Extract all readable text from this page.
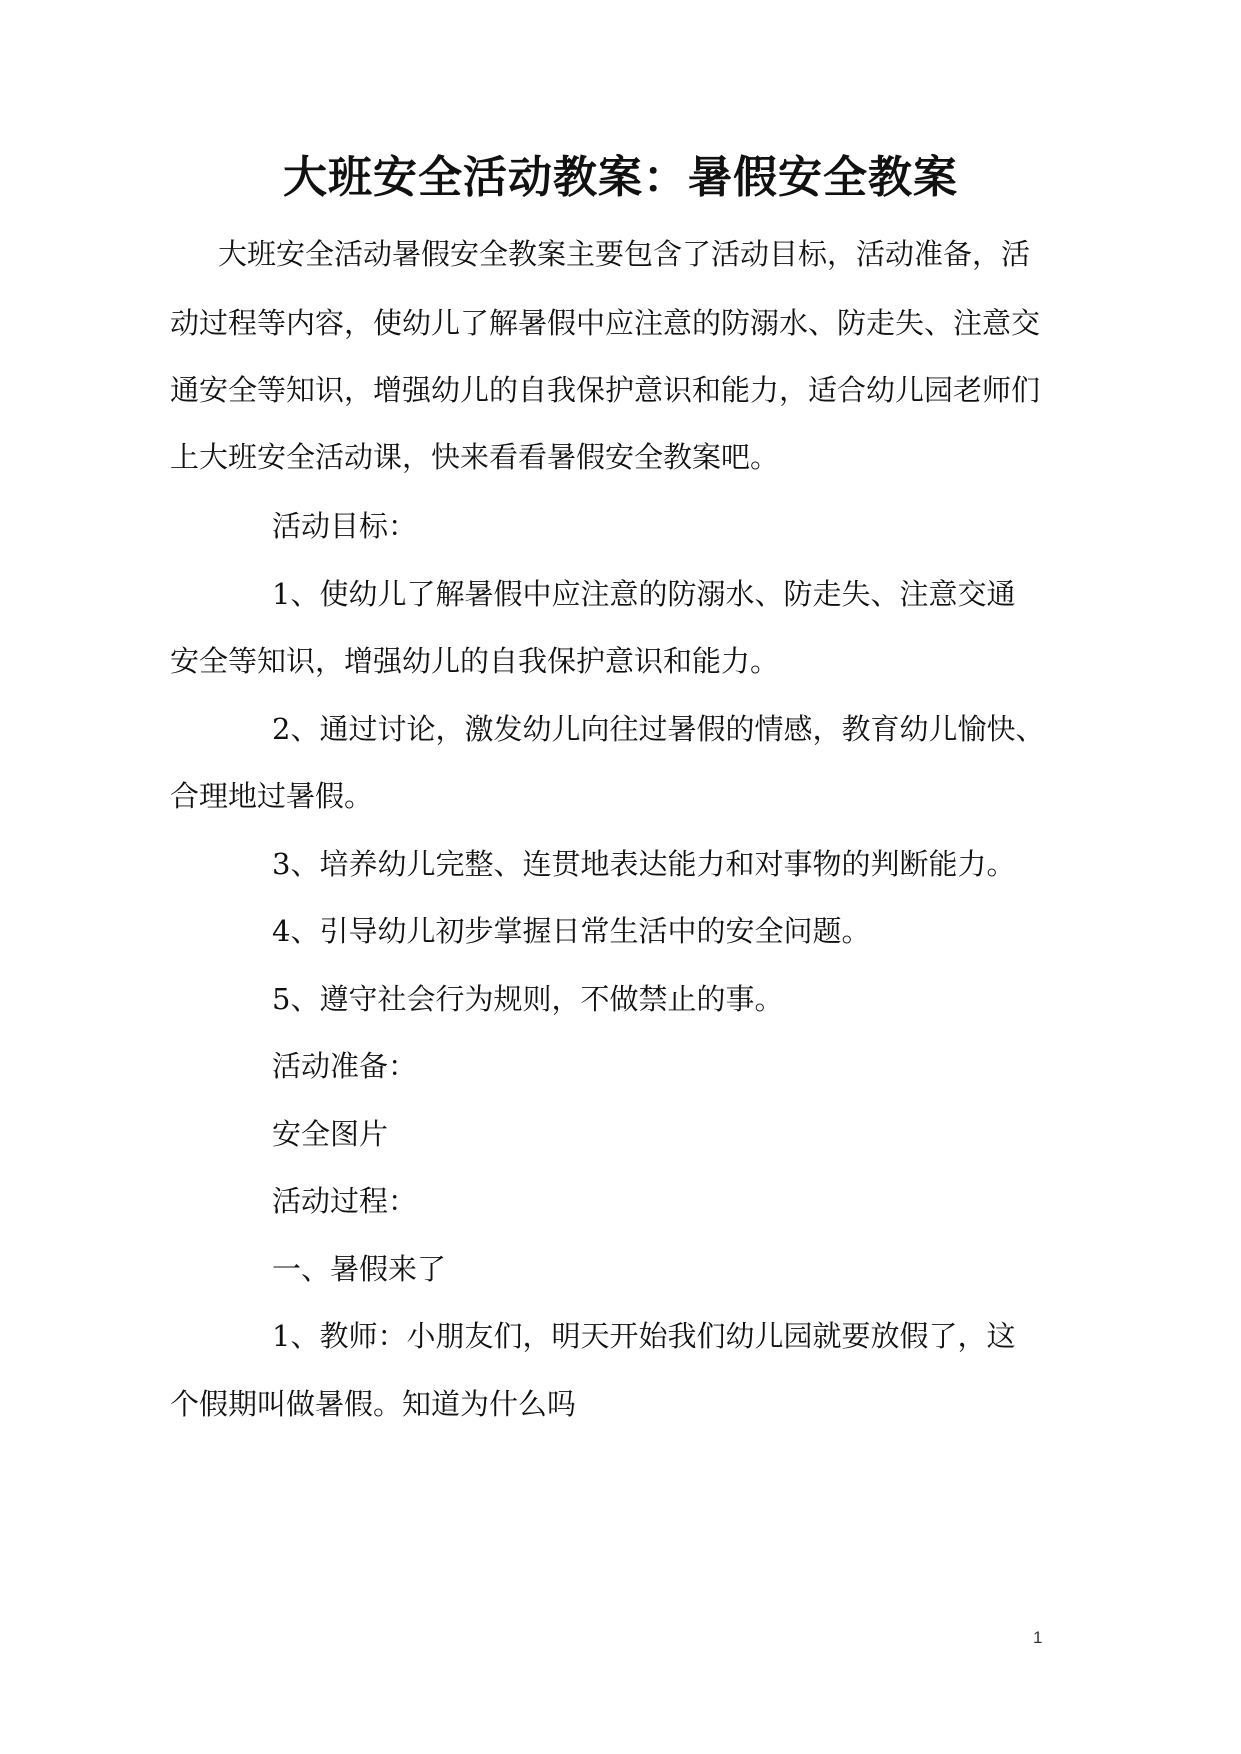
大班安全活动教案：暑假安全教案
大班安全活动暑假安全教案主要包含了活动目标，活动准备，活
动过程等内容，使幼儿了解暑假中应注意的防溺水、防走失、注意交
通安全等知识，增强幼儿的自我保护意识和能力，适合幼儿园老师们
上大班安全活动课，快来看看暑假安全教案吧。
活动目标：
1、使幼儿了解暑假中应注意的防溺水、防走失、注意交通
安全等知识，增强幼儿的自我保护意识和能力。
2、通过讨论，激发幼儿向往过暑假的情感，教育幼儿愉快、
合理地过暑假。
3、培养幼儿完整、连贯地表达能力和对事物的判断能力。
4、引导幼儿初步掌握日常生活中的安全问题。
5、遵守社会行为规则，不做禁止的事。
活动准备：
安全图片
活动过程：
一、暑假来了
1、教师：小朋友们，明天开始我们幼儿园就要放假了，这
个假期叫做暑假。知道为什么吗
1
